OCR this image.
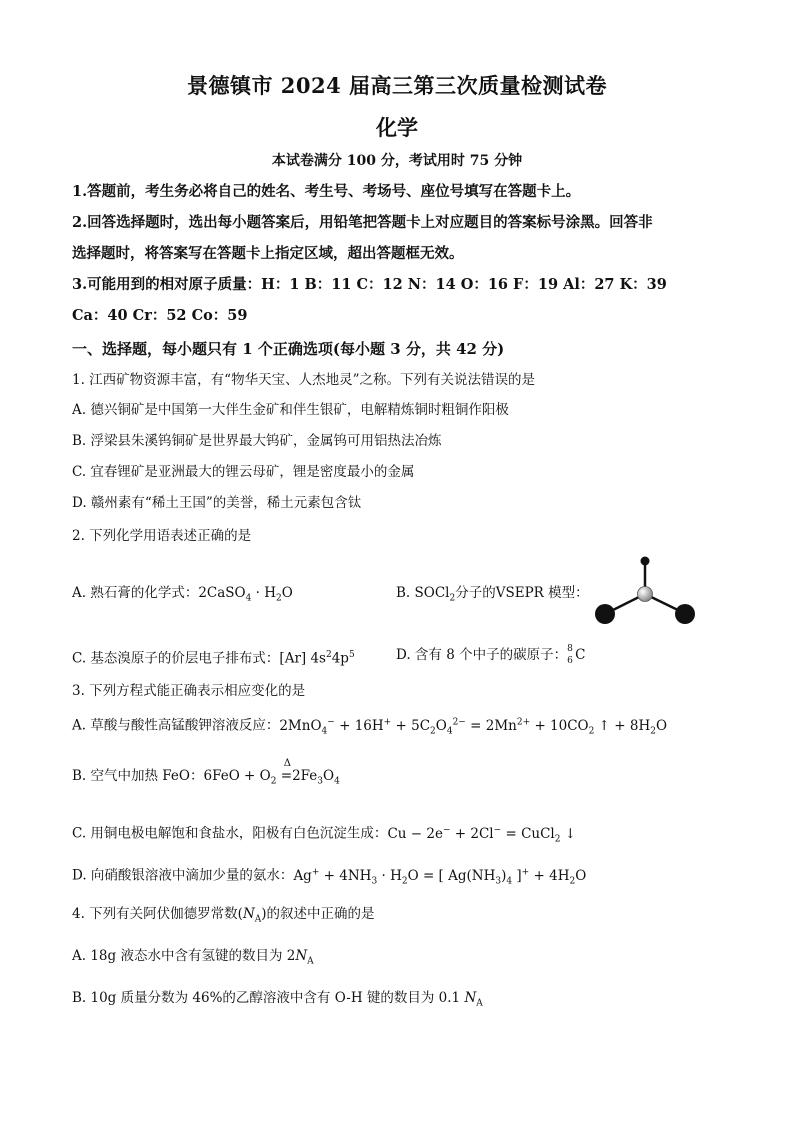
景德镇市 2024 届高三第三次质量检测试卷
化学
本试卷满分 100 分，考试用时 75 分钟
1.答题前，考生务必将自己的姓名、考生号、考场号、座位号填写在答题卡上。
2.回答选择题时，选出每小题答案后，用铅笔把答题卡上对应题目的答案标号涂黑。回答非
选择题时，将答案写在答题卡上指定区域，超出答题框无效。
3.可能用到的相对原子质量：H：1 B：11 C：12 N：14 O：16 F：19 Al：27 K：39
Ca：40 Cr：52 Co：59
一、选择题，每小题只有 1 个正确选项(每小题 3 分，共 42 分)
1. 江西矿物资源丰富，有“物华天宝、人杰地灵”之称。下列有关说法错误的是
A. 德兴铜矿是中国第一大伴生金矿和伴生银矿，电解精炼铜时粗铜作阳极
B. 浮梁县朱溪钨铜矿是世界最大钨矿，金属钨可用铝热法冶炼
C. 宜春锂矿是亚洲最大的锂云母矿，锂是密度最小的金属
D. 赣州素有“稀土王国”的美誉，稀土元素包含钛
2. 下列化学用语表述正确的是
A. 熟石膏的化学式：2CaSO$_4$ · $H_2O$	B. SOCl$_2$分子的VSEPR 模型：
C. 基态溴原子的价层电子排布式：[Ar] $4s^24p^5$	D. 含有 8 个中子的碳原子： 8
6 C
3. 下列方程式能正确表示相应变化的是
A. 草酸与酸性高锰酸钾溶液反应：$2MnO_4^- + 16H^+ + 5C_2O_4^{2-} = 2Mn^{2+} + 10CO_2$ ↑ + $8H_2O$
B. 空气中加热 FeO：$6FeO + O_2$
Δ
$=2Fe_3O_4$
C. 用铜电极电解饱和食盐水，阳极有白色沉淀生成：Cu − 2e− + 2Cl− = CuCl$_2$ ↓
D. 向硝酸银溶液中滴加少量的氨水：$Ag^+ + 4NH_3 \cdot H_2O$ = [ $Ag(NH_3)_4$ ]$^+ + 4H_2O$
4. 下列有关阿伏伽德罗常数$(N_A)$的叙述中正确的是
A. 18g 液态水中含有氢键的数目为 $2N_A$
B. 10g 质量分数为 46%的乙醇溶液中含有 O-H 键的数目为 0.1 $N_A$
